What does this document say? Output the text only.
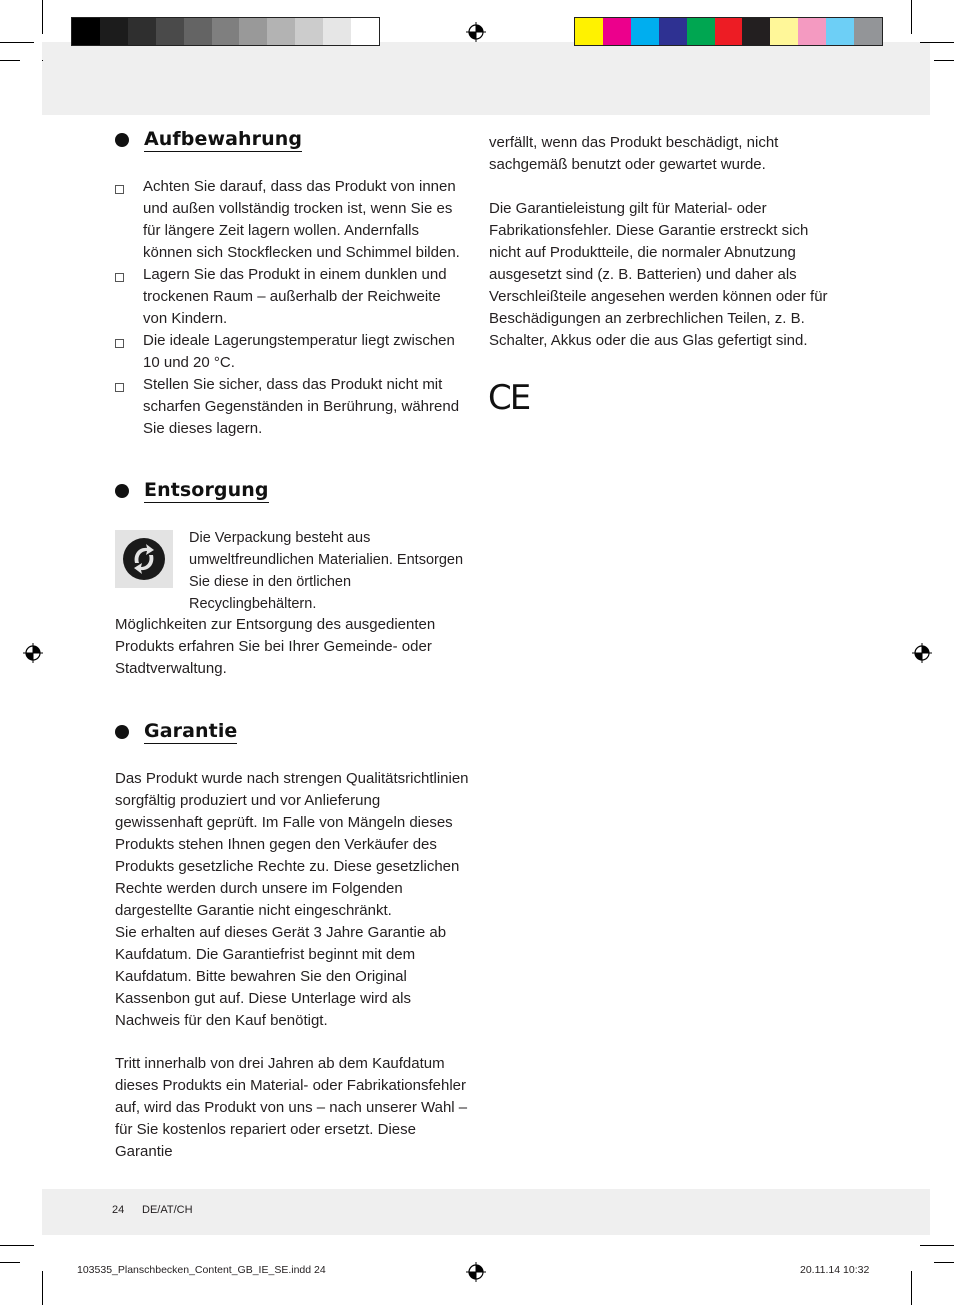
Aufbewahrung
Achten Sie darauf, dass das Produkt von innen und außen vollständig trocken ist, wenn Sie es für längere Zeit lagern wollen. Andernfalls können sich Stockflecken und Schimmel bilden.
Lagern Sie das Produkt in einem dunklen und trockenen Raum – außerhalb der Reichweite von Kindern.
Die ideale Lagerungstemperatur liegt zwischen 10 und 20 °C.
Stellen Sie sicher, dass das Produkt nicht mit scharfen Gegenständen in Berührung, während Sie dieses lagern.
Entsorgung
Die Verpackung besteht aus umweltfreundlichen Materialien. Entsorgen Sie diese in den örtlichen Recyclingbehältern.
Möglichkeiten zur Entsorgung des ausgedienten Produkts erfahren Sie bei Ihrer Gemeinde- oder Stadtverwaltung.
Garantie
Das Produkt wurde nach strengen Qualitätsrichtlinien sorgfältig produziert und vor Anlieferung gewissenhaft geprüft. Im Falle von Mängeln dieses Produkts stehen Ihnen gegen den Verkäufer des Produkts gesetzliche Rechte zu. Diese gesetzlichen Rechte werden durch unsere im Folgenden dargestellte Garantie nicht eingeschränkt.
Sie erhalten auf dieses Gerät 3 Jahre Garantie ab Kaufdatum. Die Garantiefrist beginnt mit dem Kaufdatum. Bitte bewahren Sie den Original Kassenbon gut auf. Diese Unterlage wird als Nachweis für den Kauf benötigt.
Tritt innerhalb von drei Jahren ab dem Kaufdatum dieses Produkts ein Material- oder Fabrikationsfehler auf, wird das Produkt von uns – nach unserer Wahl – für Sie kostenlos repariert oder ersetzt. Diese Garantie
verfällt, wenn das Produkt beschädigt, nicht sachgemäß benutzt oder gewartet wurde.
Die Garantieleistung gilt für Material- oder Fabrikationsfehler. Diese Garantie erstreckt sich nicht auf Produktteile, die normaler Abnutzung ausgesetzt sind (z. B. Batterien) und daher als Verschleißteile angesehen werden können oder für Beschädigungen an zerbrechlichen Teilen, z. B. Schalter, Akkus oder die aus Glas gefertigt sind.
CE
24 DE/AT/CH
103535_Planschbecken_Content_GB_IE_SE.indd 24	20.11.14 10:32
